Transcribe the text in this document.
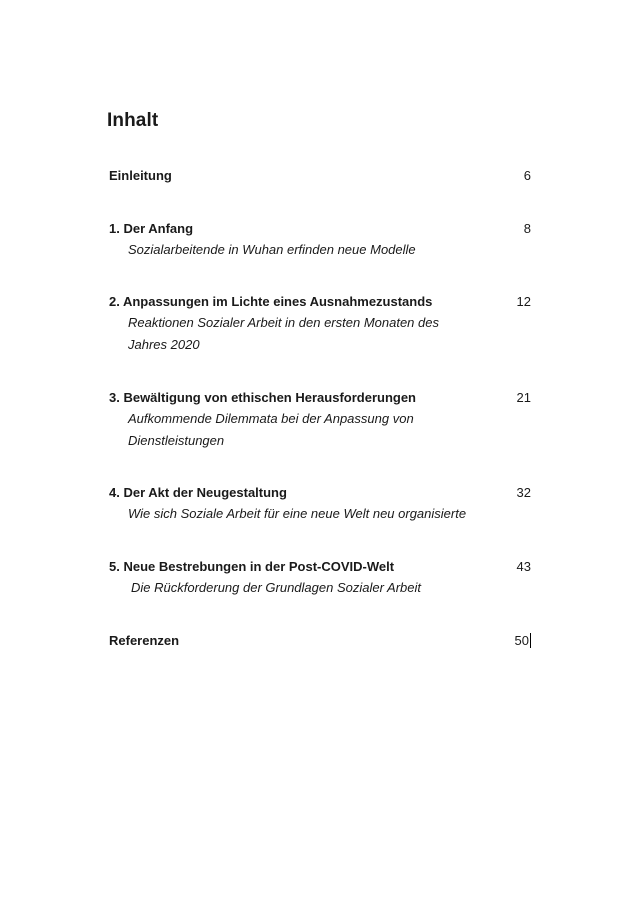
Inhalt
Einleitung	6
1. Der Anfang	8
Sozialarbeitende in Wuhan erfinden neue Modelle
2. Anpassungen im Lichte eines Ausnahmezustands	12
Reaktionen Sozialer Arbeit in den ersten Monaten des
Jahres 2020
3. Bewältigung von ethischen Herausforderungen	21
Aufkommende Dilemmata bei der Anpassung von
Dienstleistungen
4. Der Akt der Neugestaltung	32
Wie sich Soziale Arbeit für eine neue Welt neu organisierte
5. Neue Bestrebungen in der Post-COVID-Welt	43
Die Rückforderung der Grundlagen Sozialer Arbeit
Referenzen	50
